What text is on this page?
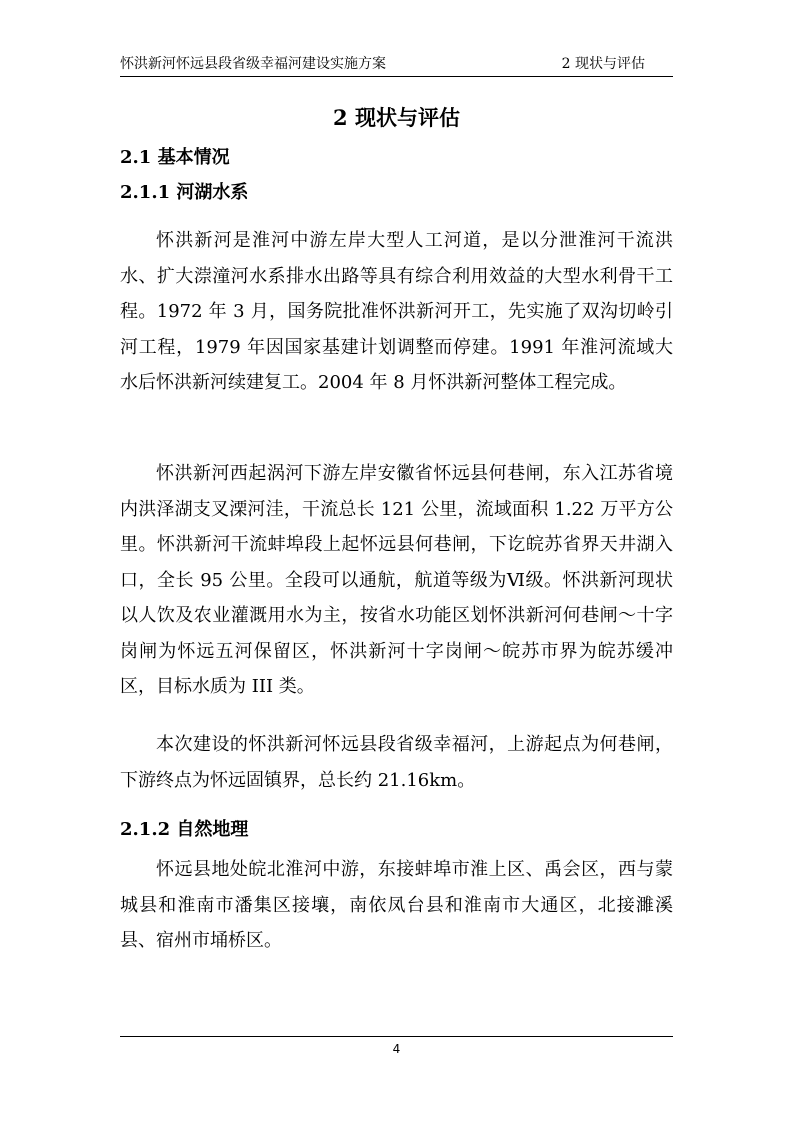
怀洪新河怀远县段省级幸福河建设实施方案	2 现状与评估
2 现状与评估
2.1 基本情况
2.1.1 河湖水系

怀洪新河是淮河中游左岸大型人工河道，是以分泄淮河干流洪水、扩大漴潼河水系排水出路等具有综合利用效益的大型水利骨干工程。1972 年 3 月，国务院批准怀洪新河开工，先实施了双沟切岭引河工程，1979 年因国家基建计划调整而停建。1991 年淮河流域大水后怀洪新河续建复工。2004 年 8 月怀洪新河整体工程完成。

怀洪新河西起涡河下游左岸安徽省怀远县何巷闸，东入江苏省境内洪泽湖支叉溧河洼，干流总长 121 公里，流域面积 1.22 万平方公里。怀洪新河干流蚌埠段上起怀远县何巷闸，下讫皖苏省界天井湖入口，全长 95 公里。全段可以通航，航道等级为Ⅵ级。怀洪新河现状以人饮及农业灌溉用水为主，按省水功能区划怀洪新河何巷闸～十字岗闸为怀远五河保留区，怀洪新河十字岗闸～皖苏市界为皖苏缓冲区，目标水质为 III 类。

本次建设的怀洪新河怀远县段省级幸福河，上游起点为何巷闸，下游终点为怀远固镇界，总长约 21.16km。

2.1.2 自然地理

怀远县地处皖北淮河中游，东接蚌埠市淮上区、禹会区，西与蒙城县和淮南市潘集区接壤，南依凤台县和淮南市大通区，北接濉溪县、宿州市埇桥区。

4
